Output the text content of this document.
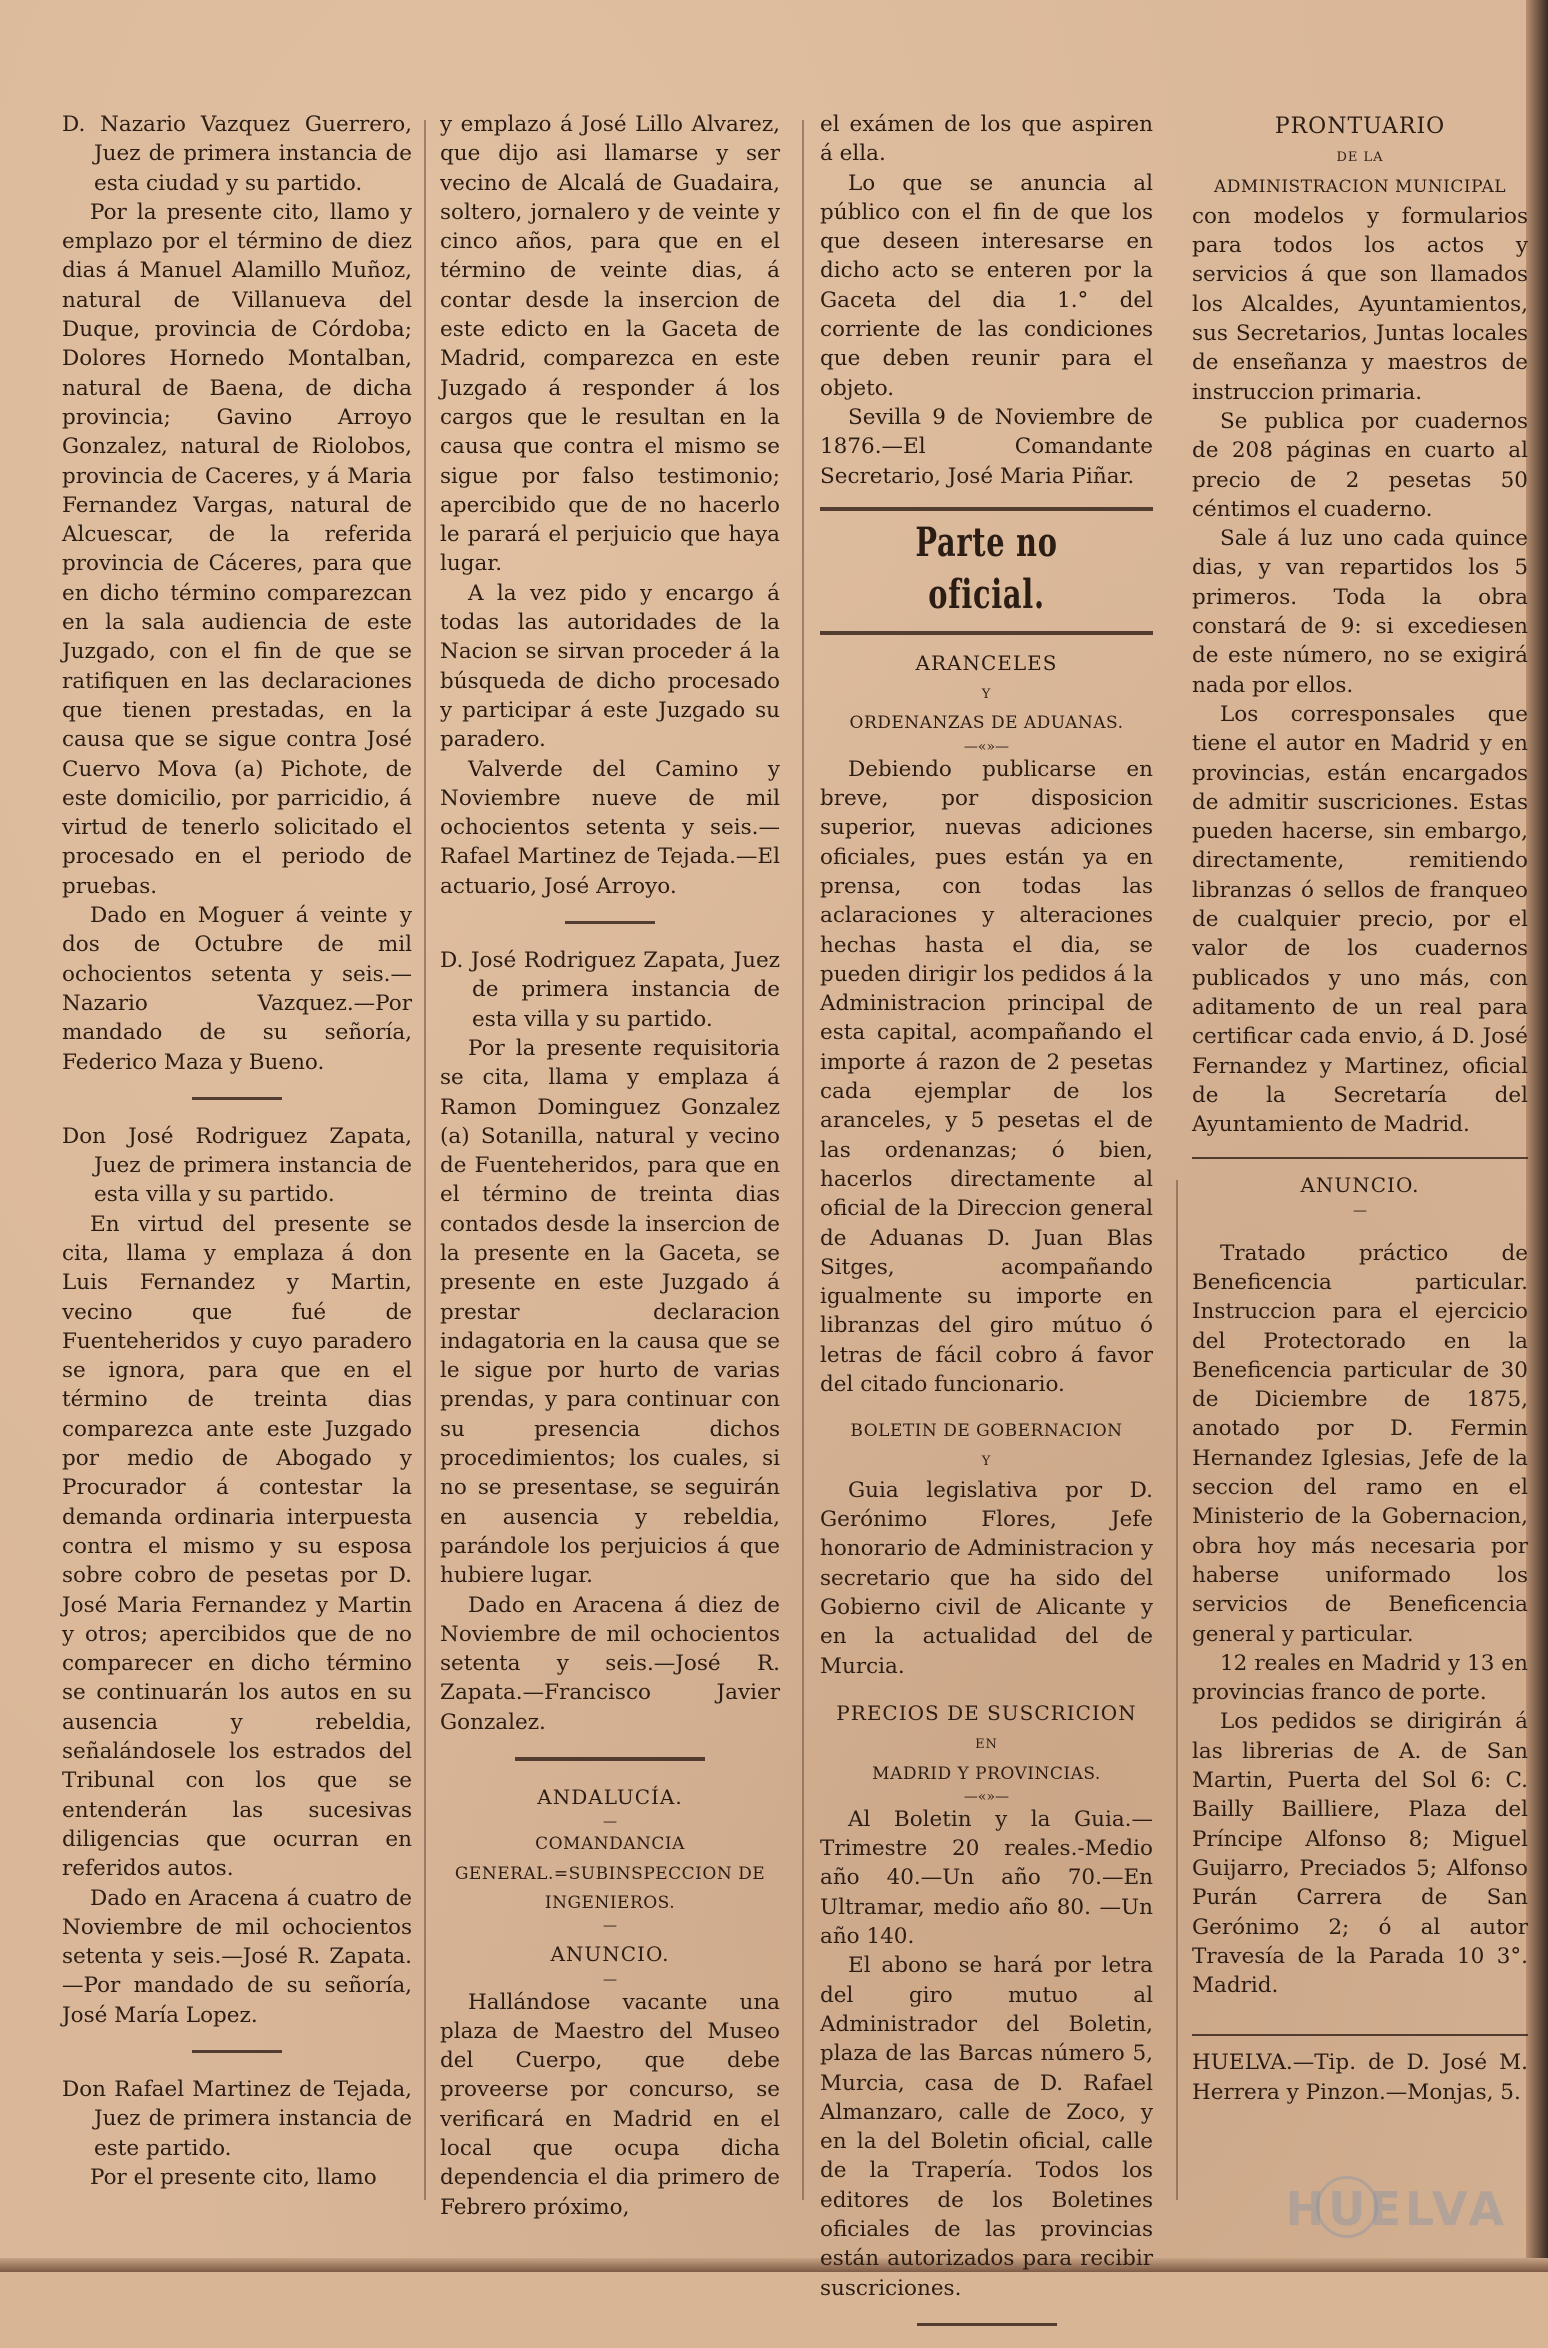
D. Nazario Vazquez Guerrero, Juez de primera instancia de esta ciudad y su partido.

Por la presente cito, llamo y emplazo por el término de diez dias á Manuel Alamillo Muñoz, natural de Villanueva del Duque, provincia de Córdoba; Dolores Hornedo Montalban, natural de Baena, de dicha provincia; Gavino Arroyo Gonzalez, natural de Riolobos, provincia de Caceres, y á Maria Fernandez Vargas, natural de Alcuescar, de la referida provincia de Cáceres, para que en dicho término comparezcan en la sala audiencia de este Juzgado, con el fin de que se ratifiquen en las declaraciones que tienen prestadas, en la causa que se sigue contra José Cuervo Mova (a) Pichote, de este domicilio, por parricidio, á virtud de tenerlo solicitado el procesado en el periodo de pruebas.

Dado en Moguer á veinte y dos de Octubre de mil ochocientos setenta y seis.—Nazario Vazquez.—Por mandado de su señoría, Federico Maza y Bueno.

Don José Rodriguez Zapata, Juez de primera instancia de esta villa y su partido.

En virtud del presente se cita, llama y emplaza á don Luis Fernandez y Martin, vecino que fué de Fuenteheridos y cuyo paradero se ignora, para que en el término de treinta dias comparezca ante este Juzgado por medio de Abogado y Procurador á contestar la demanda ordinaria interpuesta contra el mismo y su esposa sobre cobro de pesetas por D. José Maria Fernandez y Martin y otros; apercibidos que de no comparecer en dicho término se continuarán los autos en su ausencia y rebeldia, señalándosele los estrados del Tribunal con los que se entenderán las sucesivas diligencias que ocurran en referidos autos.

Dado en Aracena á cuatro de Noviembre de mil ochocientos setenta y seis.—José R. Zapata.—Por mandado de su señoría, José María Lopez.

Don Rafael Martinez de Tejada, Juez de primera instancia de este partido.

Por el presente cito, llamo

y emplazo á José Lillo Alvarez, que dijo asi llamarse y ser vecino de Alcalá de Guadaira, soltero, jornalero y de veinte y cinco años, para que en el término de veinte dias, á contar desde la insercion de este edicto en la Gaceta de Madrid, comparezca en este Juzgado á responder á los cargos que le resultan en la causa que contra el mismo se sigue por falso testimonio; apercibido que de no hacerlo le parará el perjuicio que haya lugar.

A la vez pido y encargo á todas las autoridades de la Nacion se sirvan proceder á la búsqueda de dicho procesado y participar á este Juzgado su paradero.

Valverde del Camino y Noviembre nueve de mil ochocientos setenta y seis.—Rafael Martinez de Tejada.—El actuario, José Arroyo.

D. José Rodriguez Zapata, Juez de primera instancia de esta villa y su partido.

Por la presente requisitoria se cita, llama y emplaza á Ramon Dominguez Gonzalez (a) Sotanilla, natural y vecino de Fuenteheridos, para que en el término de treinta dias contados desde la insercion de la presente en la Gaceta, se presente en este Juzgado á prestar declaracion indagatoria en la causa que se le sigue por hurto de varias prendas, y para continuar con su presencia dichos procedimientos; los cuales, si no se presentase, se seguirán en ausencia y rebeldia, parándole los perjuicios á que hubiere lugar.

Dado en Aracena á diez de Noviembre de mil ochocientos setenta y seis.—José R. Zapata.—Francisco Javier Gonzalez.

ANDALUCÍA.

—

COMANDANCIA GENERAL.=SUBINSPECCION DE INGENIEROS.

—

ANUNCIO.

—

Hallándose vacante una plaza de Maestro del Museo del Cuerpo, que debe proveerse por concurso, se verificará en Madrid en el local que ocupa dicha dependencia el dia primero de Febrero próximo,

el exámen de los que aspiren á ella.

Lo que se anuncia al público con el fin de que los que deseen interesarse en dicho acto se enteren por la Gaceta del dia 1.° del corriente de las condiciones que deben reunir para el objeto.

Sevilla 9 de Noviembre de 1876.—El Comandante Secretario, José Maria Piñar.

Parte no oficial.

ARANCELES

Y

ORDENANZAS DE ADUANAS.

—«»—

Debiendo publicarse en breve, por disposicion superior, nuevas adiciones oficiales, pues están ya en prensa, con todas las aclaraciones y alteraciones hechas hasta el dia, se pueden dirigir los pedidos á la Administracion principal de esta capital, acompañando el importe á razon de 2 pesetas cada ejemplar de los aranceles, y 5 pesetas el de las ordenanzas; ó bien, hacerlos directamente al oficial de la Direccion general de Aduanas D. Juan Blas Sitges, acompañando igualmente su importe en libranzas del giro mútuo ó letras de fácil cobro á favor del citado funcionario.

BOLETIN DE GOBERNACION

Y

Guia legislativa por D. Gerónimo Flores, Jefe honorario de Administracion y secretario que ha sido del Gobierno civil de Alicante y en la actualidad del de Murcia.

PRECIOS DE SUSCRICION

EN

MADRID Y PROVINCIAS.

—«»—

Al Boletin y la Guia.—Trimestre 20 reales.-Medio año 40.—Un año 70.—En Ultramar, medio año 80. —Un año 140.

El abono se hará por letra del giro mutuo al Administrador del Boletin, plaza de las Barcas número 5, Murcia, casa de D. Rafael Almanzaro, calle de Zoco, y en la del Boletin oficial, calle de la Trapería. Todos los editores de los Boletines oficiales de las provincias están autorizados para recibir suscriciones.

PRONTUARIO

DE LA

ADMINISTRACION MUNICIPAL

con modelos y formularios para todos los actos y servicios á que son llamados los Alcaldes, Ayuntamientos, sus Secretarios, Juntas locales de enseñanza y maestros de instruccion primaria.

Se publica por cuadernos de 208 páginas en cuarto al precio de 2 pesetas 50 céntimos el cuaderno.

Sale á luz uno cada quince dias, y van repartidos los 5 primeros. Toda la obra constará de 9: si excediesen de este número, no se exigirá nada por ellos.

Los corresponsales que tiene el autor en Madrid y en provincias, están encargados de admitir suscriciones. Estas pueden hacerse, sin embargo, directamente, remitiendo libranzas ó sellos de franqueo de cualquier precio, por el valor de los cuadernos publicados y uno más, con aditamento de un real para certificar cada envio, á D. José Fernandez y Martinez, oficial de la Secretaría del Ayuntamiento de Madrid.

ANUNCIO.

—

Tratado práctico de Beneficencia particular. Instruccion para el ejercicio del Protectorado en la Beneficencia particular de 30 de Diciembre de 1875, anotado por D. Fermin Hernandez Iglesias, Jefe de la seccion del ramo en el Ministerio de la Gobernacion, obra hoy más necesaria por haberse uniformado los servicios de Beneficencia general y particular.

12 reales en Madrid y 13 en provincias franco de porte.

Los pedidos se dirigirán á las librerias de A. de San Martin, Puerta del Sol 6: C. Bailly Bailliere, Plaza del Príncipe Alfonso 8; Miguel Guijarro, Preciados 5; Alfonso Purán Carrera de San Gerónimo 2; ó al autor Travesía de la Parada 10 3°. Madrid.

HUELVA.—Tip. de D. José M. Herrera y Pinzon.—Monjas, 5.

HUELVA
